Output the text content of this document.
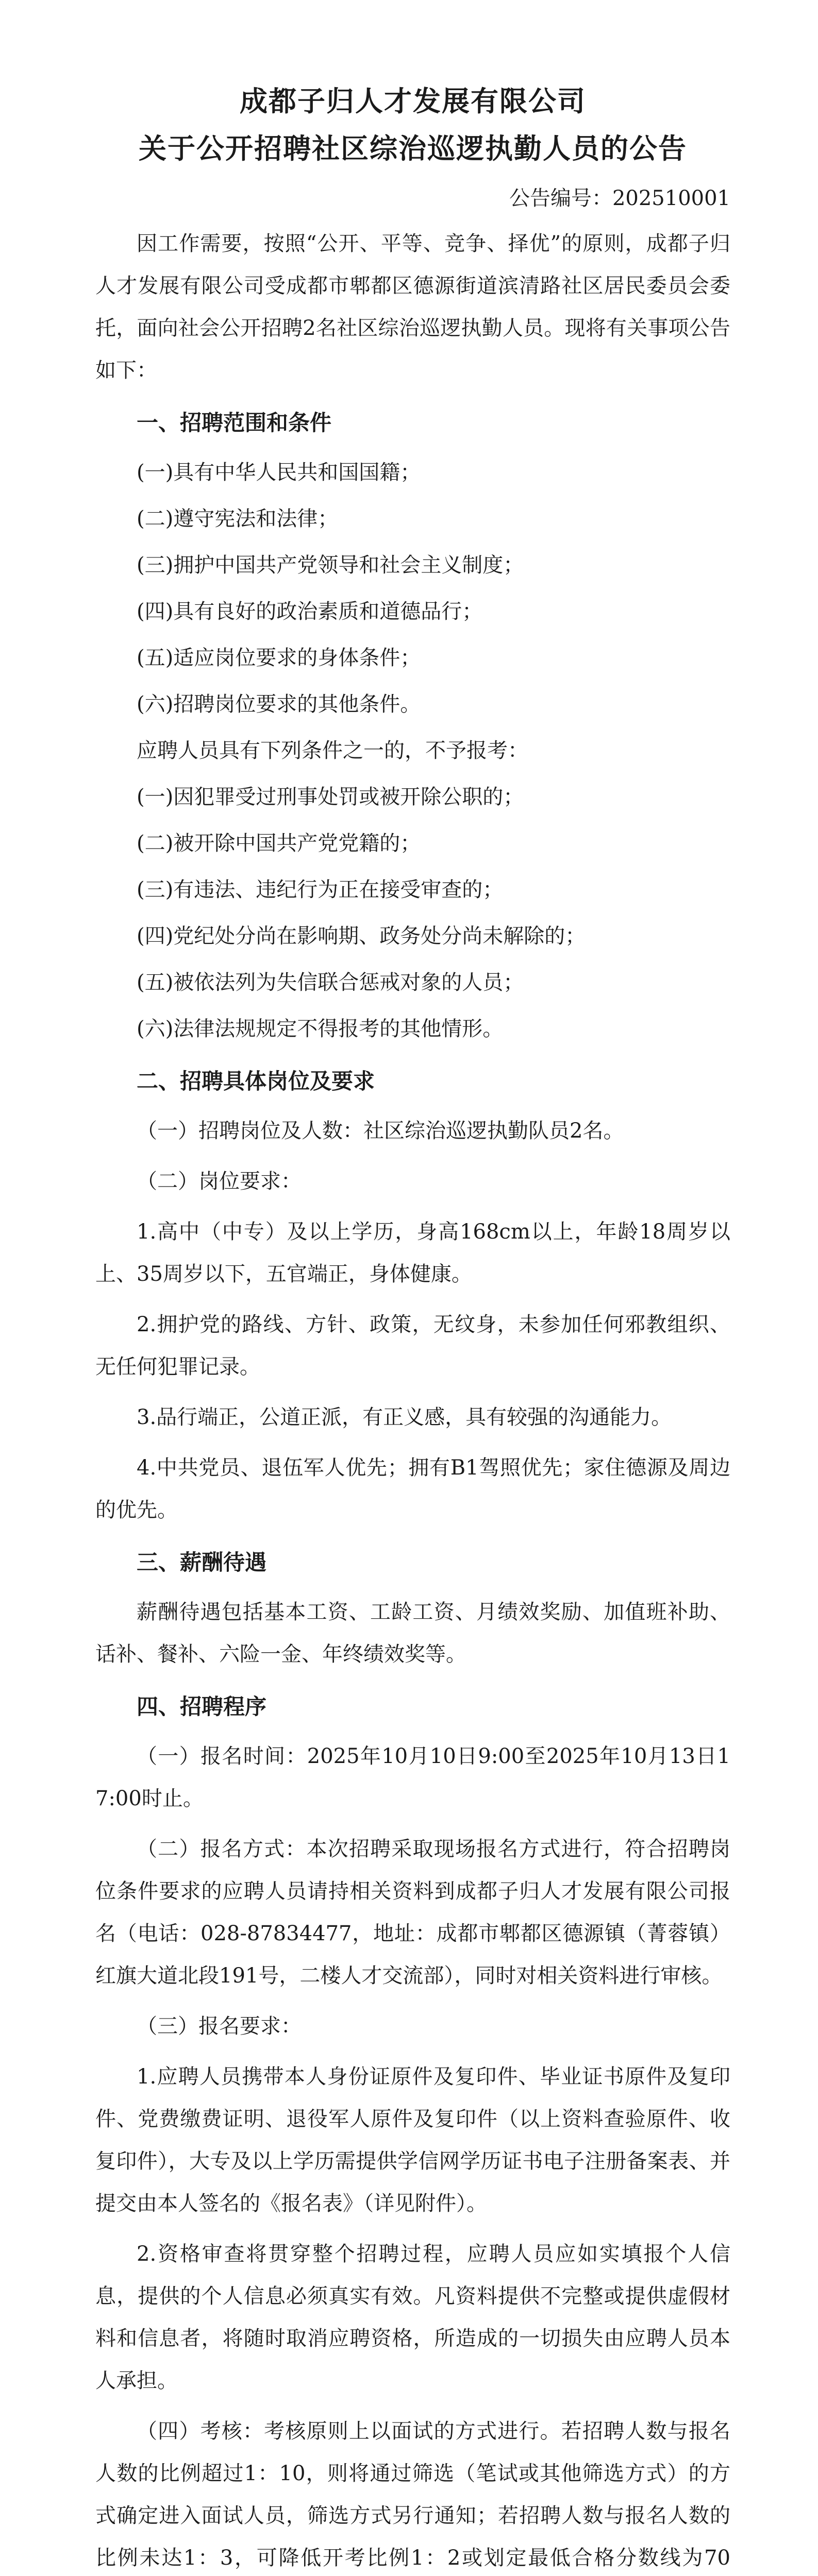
成都子归人才发展有限公司
关于公开招聘社区综治巡逻执勤人员的公告
公告编号：202510001

因工作需要，按照“公开、平等、竞争、择优”的原则，成都子归人才发展有限公司受成都市郫都区德源街道滨清路社区居民委员会委托，面向社会公开招聘2名社区综治巡逻执勤人员。现将有关事项公告如下：

一、招聘范围和条件

(一)具有中华人民共和国国籍；

(二)遵守宪法和法律；

(三)拥护中国共产党领导和社会主义制度；

(四)具有良好的政治素质和道德品行；

(五)适应岗位要求的身体条件；

(六)招聘岗位要求的其他条件。

应聘人员具有下列条件之一的，不予报考：

(一)因犯罪受过刑事处罚或被开除公职的；

(二)被开除中国共产党党籍的；

(三)有违法、违纪行为正在接受审查的；

(四)党纪处分尚在影响期、政务处分尚未解除的；

(五)被依法列为失信联合惩戒对象的人员；

(六)法律法规规定不得报考的其他情形。

二、招聘具体岗位及要求

（一）招聘岗位及人数：社区综治巡逻执勤队员2名。

（二）岗位要求：

1.高中（中专）及以上学历，身高168cm以上，年龄18周岁以上、35周岁以下，五官端正，身体健康。

2.拥护党的路线、方针、政策，无纹身，未参加任何邪教组织、无任何犯罪记录。

3.品行端正，公道正派，有正义感，具有较强的沟通能力。

4.中共党员、退伍军人优先；拥有B1驾照优先；家住德源及周边的优先。

三、薪酬待遇

薪酬待遇包括基本工资、工龄工资、月绩效奖励、加值班补助、话补、餐补、六险一金、年终绩效奖等。

四、招聘程序

（一）报名时间：2025年10月10日9:00至2025年10月13日17:00时止。

（二）报名方式：本次招聘采取现场报名方式进行，符合招聘岗位条件要求的应聘人员请持相关资料到成都子归人才发展有限公司报名（电话：028-87834477，地址：成都市郫都区德源镇（菁蓉镇）红旗大道北段191号，二楼人才交流部），同时对相关资料进行审核。

（三）报名要求：

1.应聘人员携带本人身份证原件及复印件、毕业证书原件及复印件、党费缴费证明、退役军人原件及复印件（以上资料查验原件、收复印件），大专及以上学历需提供学信网学历证书电子注册备案表、并提交由本人签名的《报名表》（详见附件）。

2.资格审查将贯穿整个招聘过程，应聘人员应如实填报个人信息，提供的个人信息必须真实有效。凡资料提供不完整或提供虚假材料和信息者，将随时取消应聘资格，所造成的一切损失由应聘人员本人承担。

（四）考核：考核原则上以面试的方式进行。若招聘人数与报名人数的比例超过1：10，则将通过筛选（笔试或其他筛选方式）的方式确定进入面试人员，筛选方式另行通知；若招聘人数与报名人数的比例未达1：3，可降低开考比例1：2或划定最低合格分数线为70
